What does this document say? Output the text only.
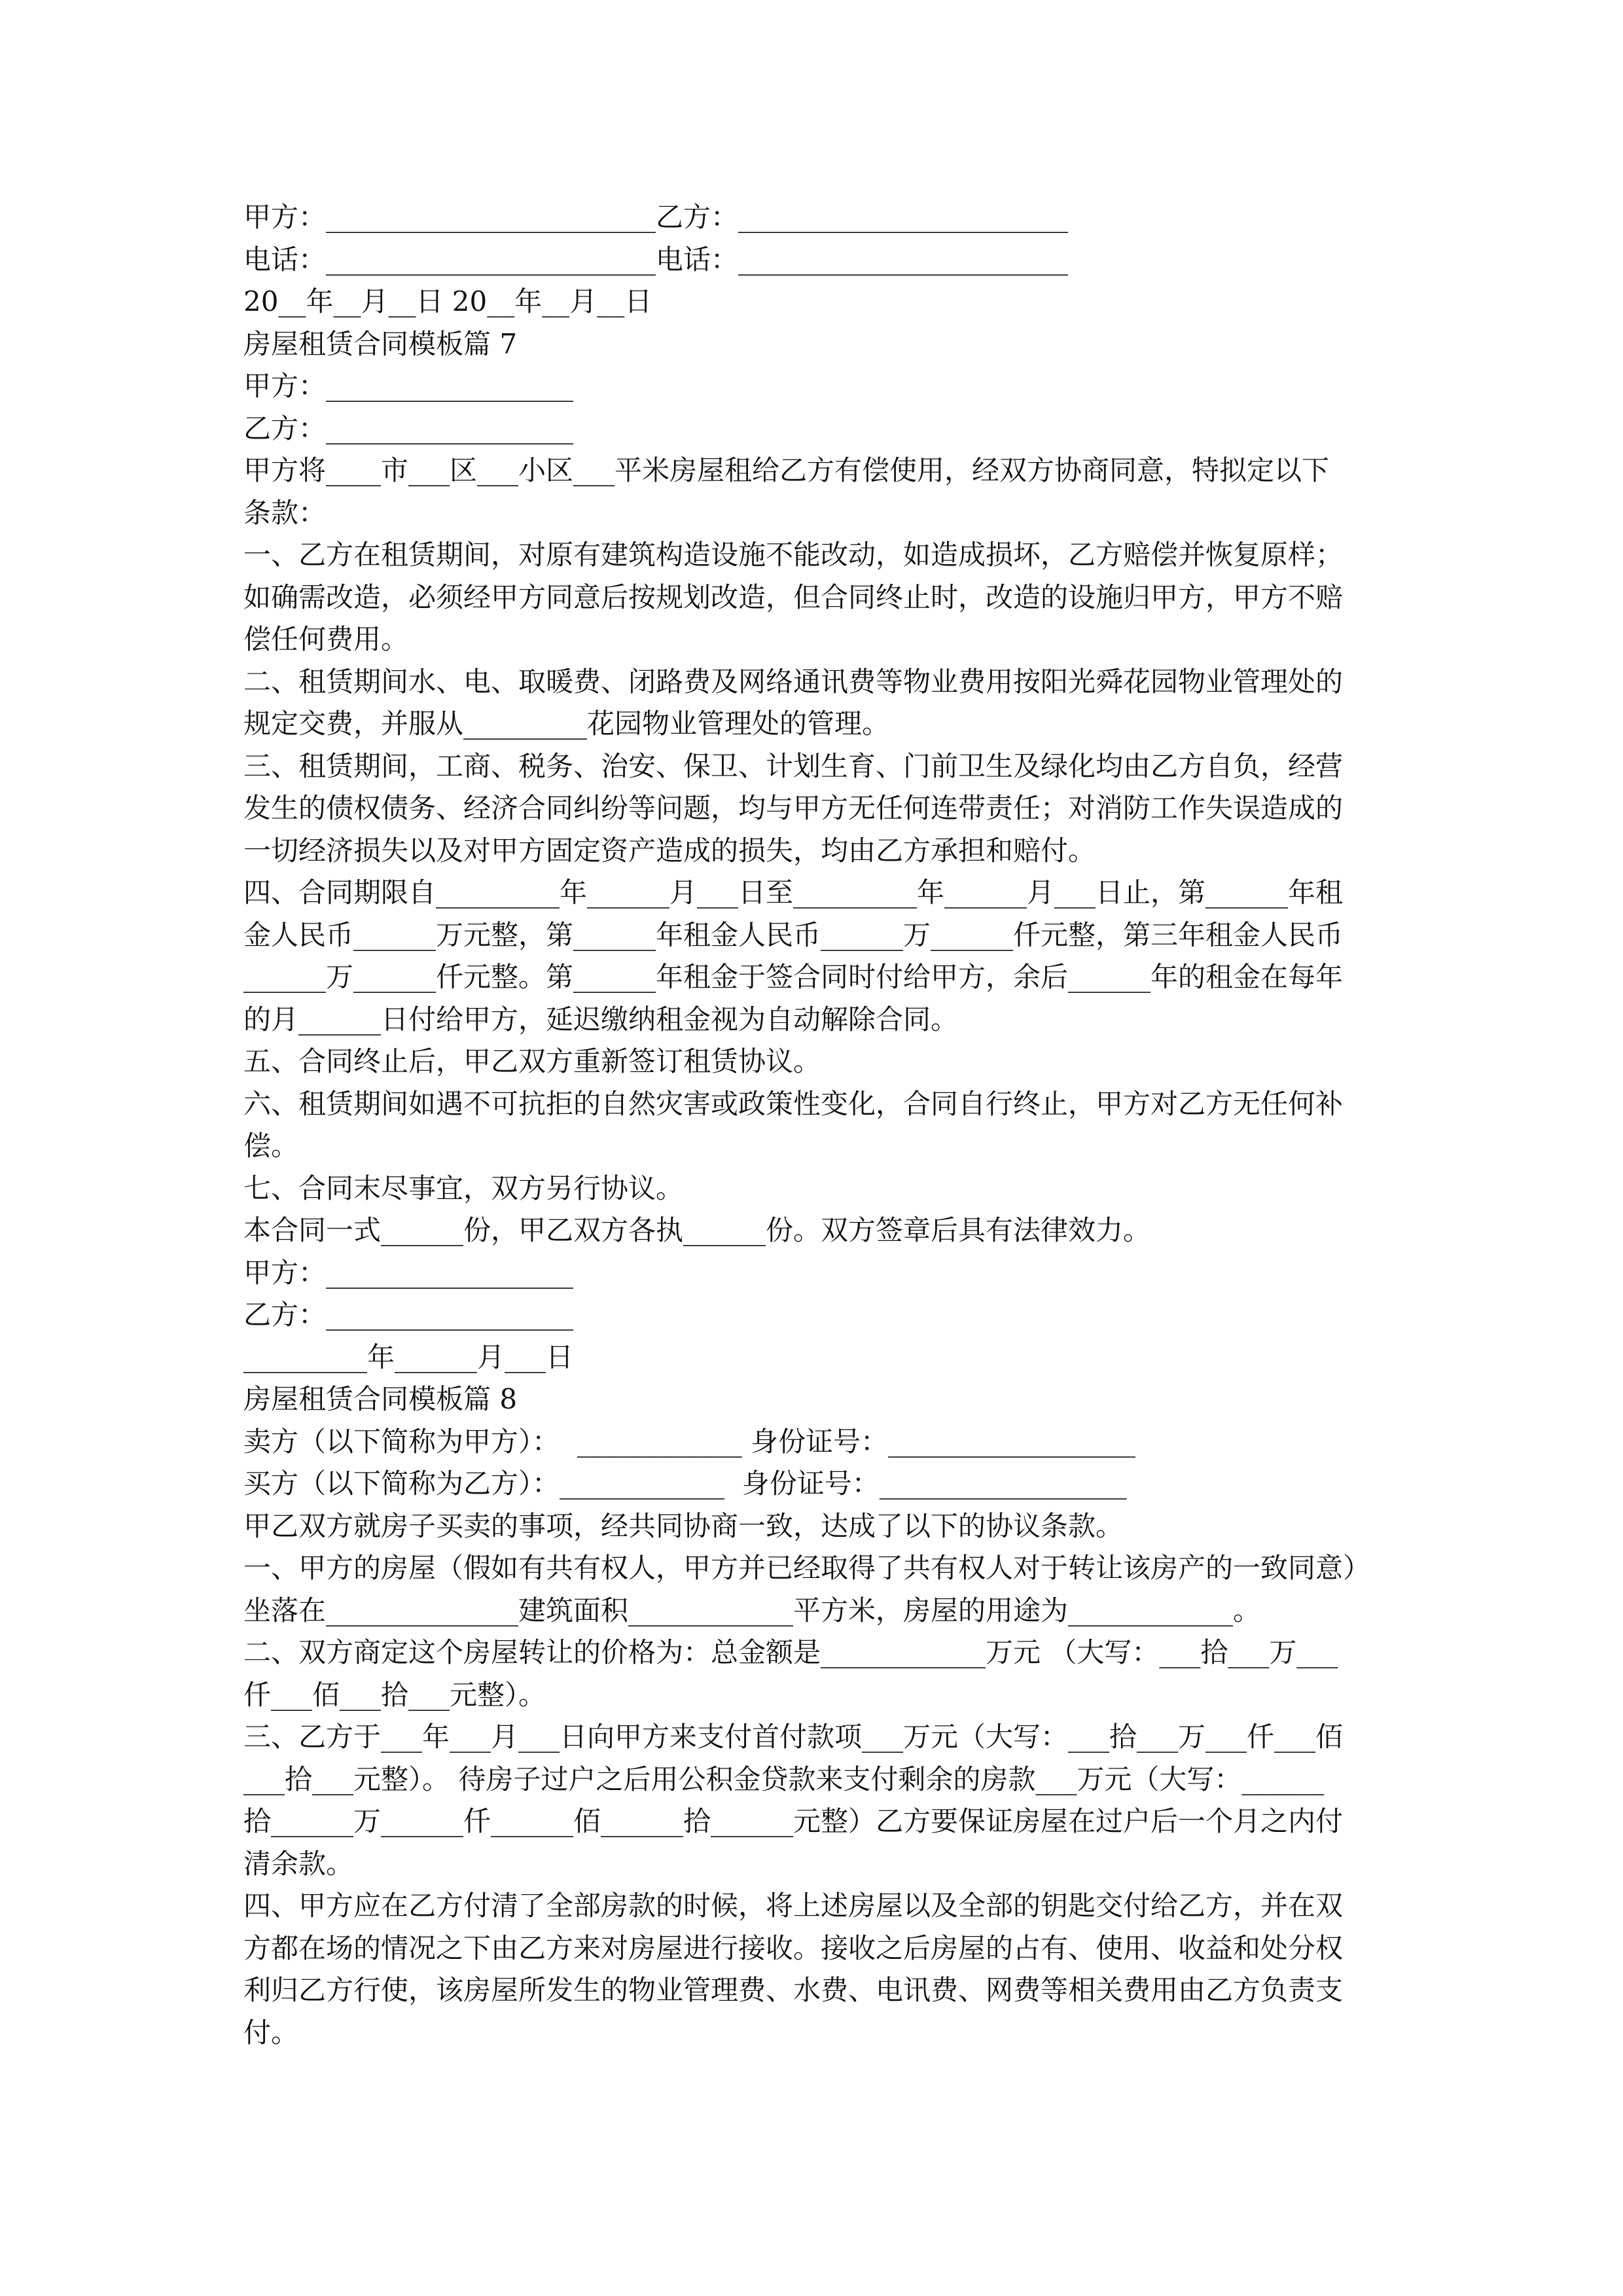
甲方：________________________乙方：________________________
电话：________________________电话：________________________
20__年__月__日 20__年__月__日
房屋租赁合同模板篇 7
甲方：__________________
乙方：__________________
甲方将____市___区___小区___平米房屋租给乙方有偿使用，经双方协商同意，特拟定以下
条款：
一、乙方在租赁期间，对原有建筑构造设施不能改动，如造成损坏，乙方赔偿并恢复原样；
如确需改造，必须经甲方同意后按规划改造，但合同终止时，改造的设施归甲方，甲方不赔
偿任何费用。
二、租赁期间水、电、取暖费、闭路费及网络通讯费等物业费用按阳光舜花园物业管理处的
规定交费，并服从_________花园物业管理处的管理。
三、租赁期间，工商、税务、治安、保卫、计划生育、门前卫生及绿化均由乙方自负，经营
发生的债权债务、经济合同纠纷等问题，均与甲方无任何连带责任；对消防工作失误造成的
一切经济损失以及对甲方固定资产造成的损失，均由乙方承担和赔付。
四、合同期限自_________年______月___日至_________年______月___日止，第______年租
金人民币______万元整，第______年租金人民币______万______仟元整，第三年租金人民币
______万______仟元整。第______年租金于签合同时付给甲方，余后______年的租金在每年
的月______日付给甲方，延迟缴纳租金视为自动解除合同。
五、合同终止后，甲乙双方重新签订租赁协议。
六、租赁期间如遇不可抗拒的自然灾害或政策性变化，合同自行终止，甲方对乙方无任何补
偿。
七、合同末尽事宜，双方另行协议。
本合同一式______份，甲乙双方各执______份。双方签章后具有法律效力。
甲方：__________________
乙方：__________________
_________年______月___日
房屋租赁合同模板篇 8
卖方（以下简称为甲方）：  ____________ 身份证号：__________________
买方（以下简称为乙方）：____________  身份证号：__________________
甲乙双方就房子买卖的事项，经共同协商一致，达成了以下的协议条款。
一、甲方的房屋（假如有共有权人，甲方并已经取得了共有权人对于转让该房产的一致同意）
坐落在______________建筑面积____________平方米，房屋的用途为____________。
二、双方商定这个房屋转让的价格为：总金额是____________万元 （大写：___拾___万___
仟___佰___拾___元整）。
三、乙方于___年___月___日向甲方来支付首付款项___万元（大写：___拾___万___仟___佰
___拾___元整）。 待房子过户之后用公积金贷款来支付剩余的房款___万元（大写：______
拾______万______仟______佰______拾______元整）乙方要保证房屋在过户后一个月之内付
清余款。
四、甲方应在乙方付清了全部房款的时候，将上述房屋以及全部的钥匙交付给乙方，并在双
方都在场的情况之下由乙方来对房屋进行接收。接收之后房屋的占有、使用、收益和处分权
利归乙方行使，该房屋所发生的物业管理费、水费、电讯费、网费等相关费用由乙方负责支
付。
